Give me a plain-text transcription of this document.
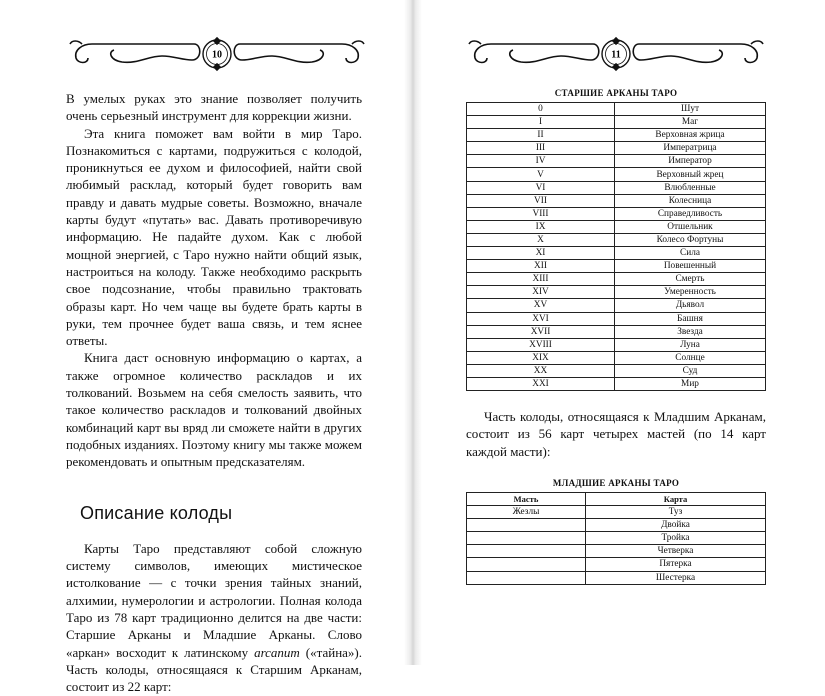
10	11

В умелых руках это знание позволяет получить очень серьезный инструмент для коррекции жизни.

Эта книга поможет вам войти в мир Таро. Познакомиться с картами, подружиться с колодой, проникнуться ее духом и философией, найти свой любимый расклад, который будет говорить вам правду и давать мудрые советы. Возможно, вначале карты будут «путать» вас. Давать противоречивую информацию. Не падайте духом. Как с любой мощной энергией, с Таро нужно найти общий язык, настроиться на колоду. Также необходимо раскрыть свое подсознание, чтобы правильно трактовать образы карт. Но чем чаще вы будете брать карты в руки, тем прочнее будет ваша связь, и тем яснее ответы.

Книга даст основную информацию о картах, а также огромное количество раскладов и их толкований. Возьмем на себя смелость заявить, что такое количество раскладов и толкований двойных комбинаций карт вы вряд ли сможете найти в других подобных изданиях. Поэтому книгу мы также можем рекомендовать и опытным предсказателям.

Описание колоды

Карты Таро представляют собой сложную систему символов, имеющих мистическое истолкование — с точки зрения тайных знаний, алхимии, нумерологии и астрологии. Полная колода Таро из 78 карт традиционно делится на две части: Старшие Арканы и Младшие Арканы. Слово «аркан» восходит к латинскому arcanum («тайна»). Часть колоды, относящаяся к Старшим Арканам, состоит из 22 карт:

СТАРШИЕ АРКАНЫ ТАРО
0	Шут
I	Маг
II	Верховная жрица
III	Императрица
IV	Император
V	Верховный жрец
VI	Влюбленные
VII	Колесница
VIII	Справедливость
IX	Отшельник
X	Колесо Фортуны
XI	Сила
XII	Повешенный
XIII	Смерть
XIV	Умеренность
XV	Дьявол
XVI	Башня
XVII	Звезда
XVIII	Луна
XIX	Солнце
XX	Суд
XXI	Мир

Часть колоды, относящаяся к Младшим Арканам, состоит из 56 карт четырех мастей (по 14 карт каждой масти):

МЛАДШИЕ АРКАНЫ ТАРО
Масть	Карта
Жезлы	Туз
	Двойка
	Тройка
	Четверка
	Пятерка
	Шестерка
